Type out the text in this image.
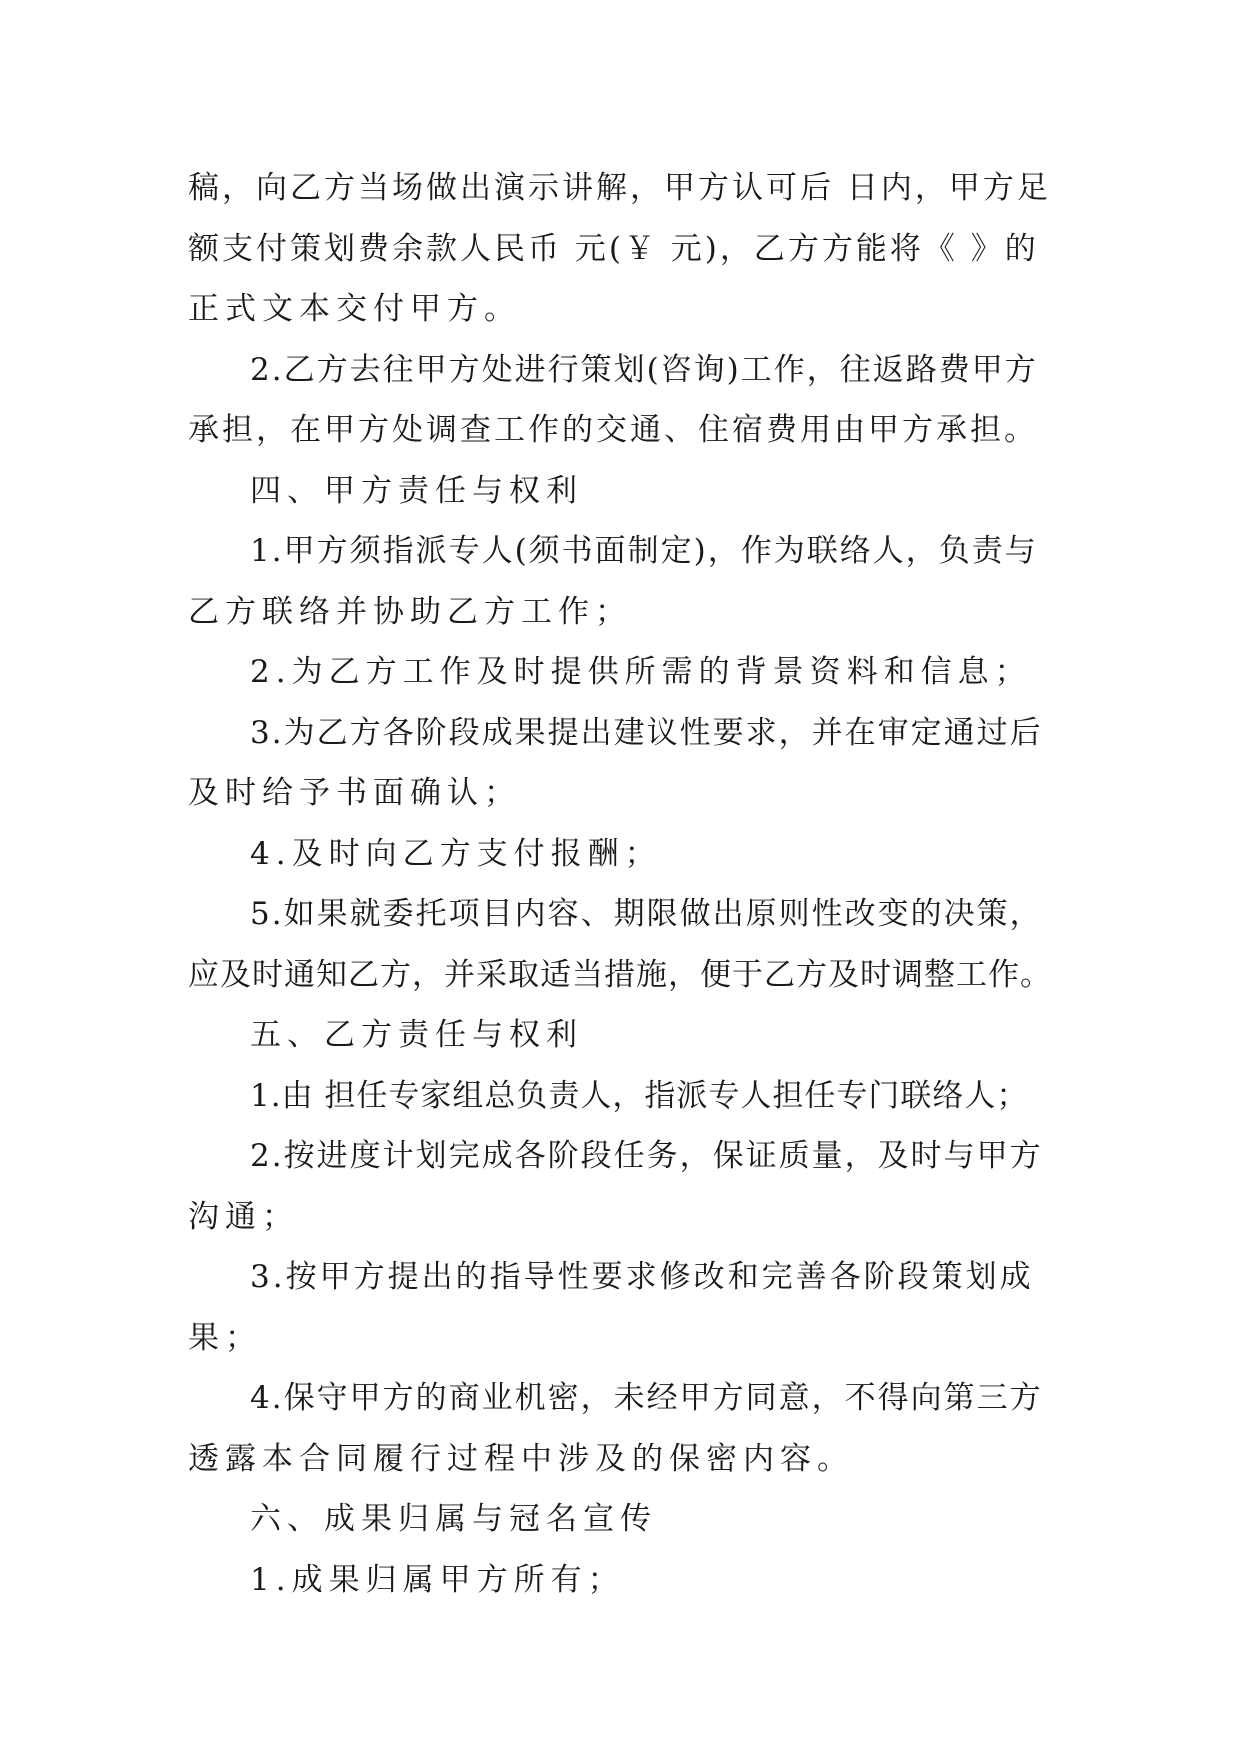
稿，向乙方当场做出演示讲解，甲方认可后 日内，甲方足

额支付策划费余款人民币 元(￥ 元)，乙方方能将《 》的

正式文本交付甲方。

2.乙方去往甲方处进行策划(咨询)工作，往返路费甲方

承担，在甲方处调查工作的交通、住宿费用由甲方承担。

四、甲方责任与权利

1.甲方须指派专人(须书面制定)，作为联络人，负责与

乙方联络并协助乙方工作；

2.为乙方工作及时提供所需的背景资料和信息；

3.为乙方各阶段成果提出建议性要求，并在审定通过后

及时给予书面确认；

4.及时向乙方支付报酬；

5.如果就委托项目内容、期限做出原则性改变的决策，

应及时通知乙方，并采取适当措施，便于乙方及时调整工作。

五、乙方责任与权利

1.由 担任专家组总负责人，指派专人担任专门联络人；

2.按进度计划完成各阶段任务，保证质量，及时与甲方

沟通；

3.按甲方提出的指导性要求修改和完善各阶段策划成

果；

4.保守甲方的商业机密，未经甲方同意，不得向第三方

透露本合同履行过程中涉及的保密内容。

六、成果归属与冠名宣传

1.成果归属甲方所有；
